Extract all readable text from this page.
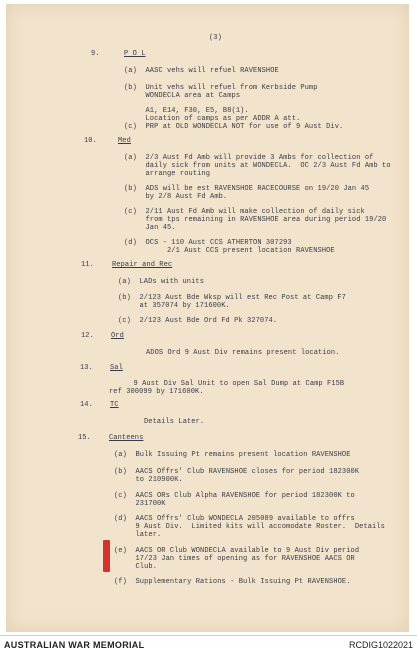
(3)
9.	P O L
(a)  AASC vehs will refuel RAVENSHOE
(b)  Unit vehs will refuel from Kerbside Pump
WONDECLA area at Camps
A1, E14, F30, E5, B8(1).
Location of camps as per ADDR A att.
(c)  PRP at OLD WONDECLA NOT for use of 9 Aust Div.
10.	Med
(a)  2/3 Aust Fd Amb will provide 3 Ambs for collection of
daily sick from units at WONDECLA.  OC 2/3 Aust Fd Amb to
arrange routing
(b)  ADS will be est RAVENSHOE RACECOURSE on 19/20 Jan 45
by 2/8 Aust Fd Amb.
(c)  2/11 Aust Fd Amb will make collection of daily sick
from tps remaining in RAVENSHOE area during period 19/20
Jan 45.
(d)  OCS - 110 Aust CCS ATHERTON 307293
2/1 Aust CCS present location RAVENSHOE
11.	Repair and Rec
(a)  LADs with units
(b)  2/123 Aust Bde Wksp will est Rec Post at Camp F7
at 357074 by 171600K.
(c)  2/123 Aust Bde Ord Fd Pk 327074.
12. Ord
ADOS Ord 9 Aust Div remains present location.
13. Sal
9 Aust Div Sal Unit to open Sal Dump at Camp F15B
ref 300099 by 171600K.
14. TC
Details Later.
15.	Canteens
(a)  Bulk Issuing Pt remains present location RAVENSHOE
(b)  AACS Offrs' Club RAVENSHOE closes for period 182300K
to 210900K.
(c)  AACS ORs Club Alpha RAVENSHOE for period 182300K to
231700K
(d)  AACS Offrs' Club WONDECLA 205089 available to offrs
9 Aust Div.  Limited kits will accomodate Roster.  Details
later.
(e)  AACS OR Club WONDECLA available to 9 Aust Div period
17/23 Jan times of opening as for RAVENSHOE AACS OR
Club.
(f)  Supplementary Rations - Bulk Issuing Pt RAVENSHOE.
AUSTRALIAN WAR MEMORIAL	RCDIG1022021
